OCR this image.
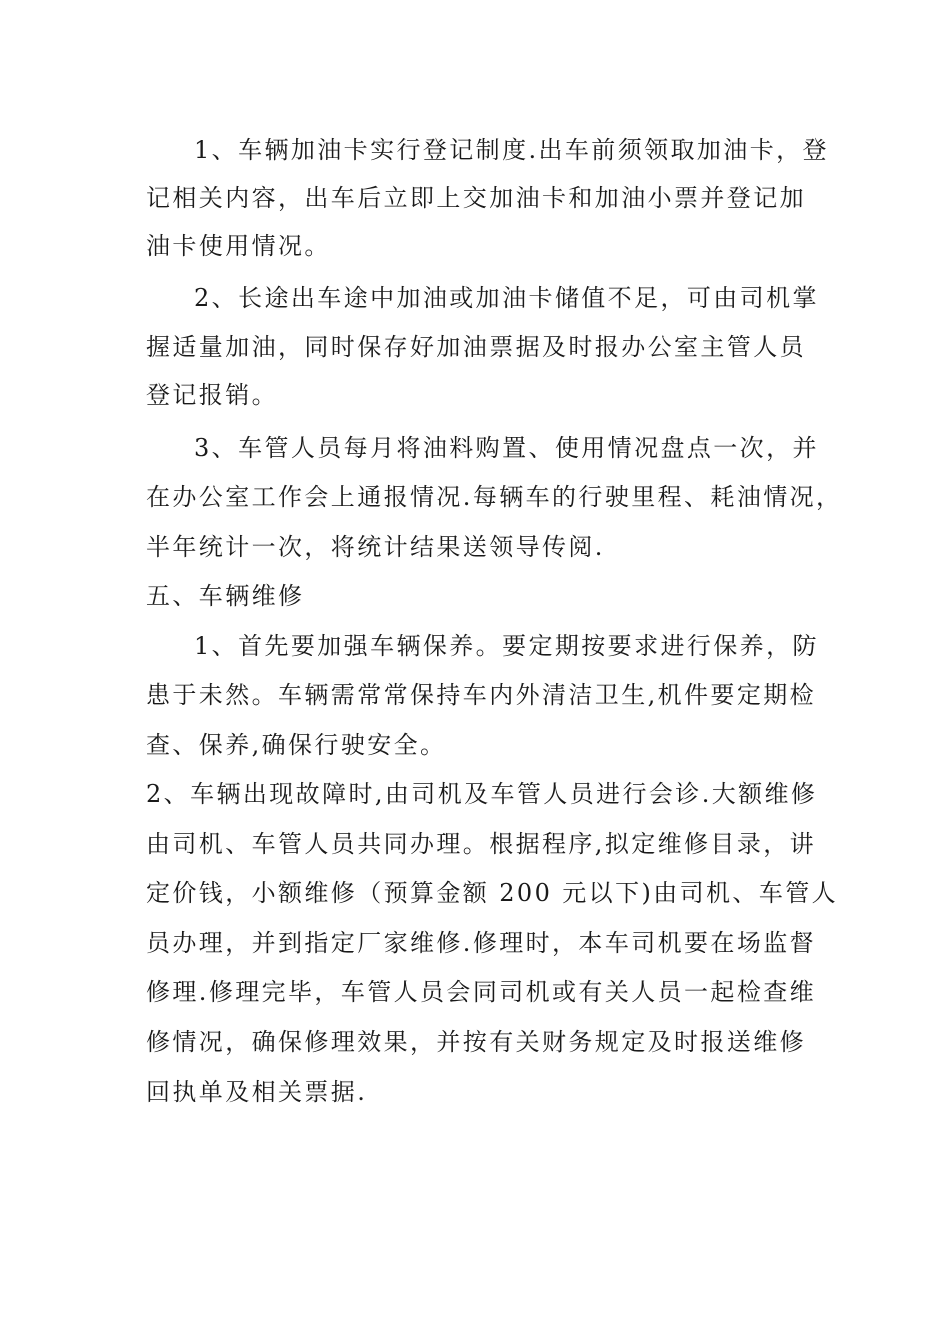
1、车辆加油卡实行登记制度.出车前须领取加油卡，登
记相关内容，出车后立即上交加油卡和加油小票并登记加
油卡使用情况。
2、长途出车途中加油或加油卡储值不足，可由司机掌
握适量加油，同时保存好加油票据及时报办公室主管人员
登记报销。
3、车管人员每月将油料购置、使用情况盘点一次，并
在办公室工作会上通报情况.每辆车的行驶里程、耗油情况，
半年统计一次，将统计结果送领导传阅.
五、车辆维修
1、首先要加强车辆保养。要定期按要求进行保养，防
患于未然。车辆需常常保持车内外清洁卫生,机件要定期检
查、保养,确保行驶安全。
2、车辆出现故障时,由司机及车管人员进行会诊.大额维修
由司机、车管人员共同办理。根据程序,拟定维修目录，讲
定价钱，小额维修（预算金额 200 元以下)由司机、车管人
员办理，并到指定厂家维修.修理时，本车司机要在场监督
修理.修理完毕，车管人员会同司机或有关人员一起检查维
修情况，确保修理效果，并按有关财务规定及时报送维修
回执单及相关票据.
